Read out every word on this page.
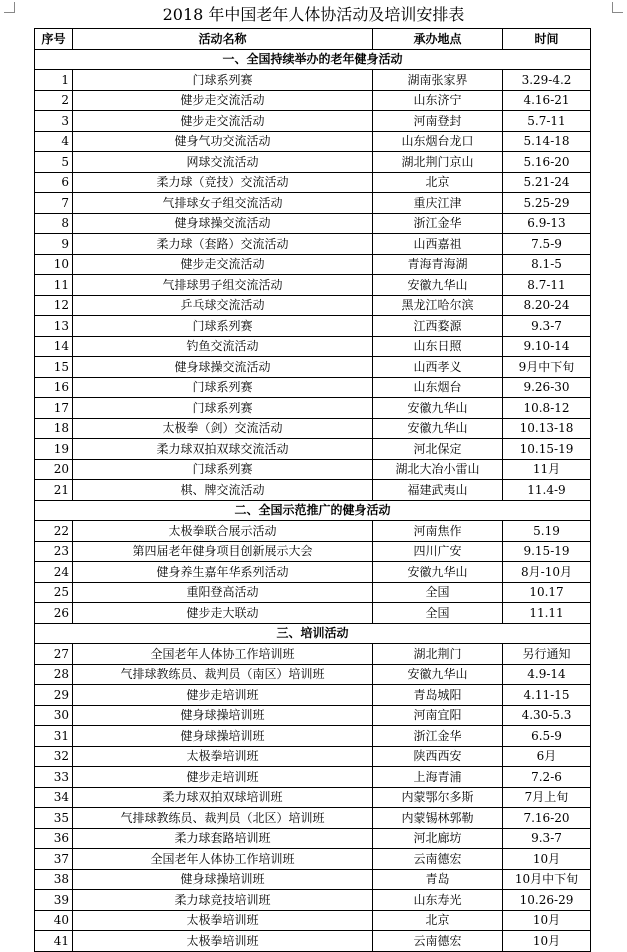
2018 年中国老年人体协活动及培训安排表
序号	活动名称	承办地点	时间
一、全国持续举办的老年健身活动			
1	门球系列赛	湖南张家界	3.29-4.2
2	健步走交流活动	山东济宁	4.16-21
3	健步走交流活动	河南登封	5.7-11
4	健身气功交流活动	山东烟台龙口	5.14-18
5	网球交流活动	湖北荆门京山	5.16-20
6	柔力球（竞技）交流活动	北京	5.21-24
7	气排球女子组交流活动	重庆江津	5.25-29
8	健身球操交流活动	浙江金华	6.9-13
9	柔力球（套路）交流活动	山西嘉祖	7.5-9
10	健步走交流活动	青海青海湖	8.1-5
11	气排球男子组交流活动	安徽九华山	8.7-11
12	乒乓球交流活动	黑龙江哈尔滨	8.20-24
13	门球系列赛	江西婺源	9.3-7
14	钓鱼交流活动	山东日照	9.10-14
15	健身球操交流活动	山西孝义	9月中下旬
16	门球系列赛	山东烟台	9.26-30
17	门球系列赛	安徽九华山	10.8-12
18	太极拳（剑）交流活动	安徽九华山	10.13-18
19	柔力球双拍双球交流活动	河北保定	10.15-19
20	门球系列赛	湖北大冶小雷山	11月
21	棋、牌交流活动	福建武夷山	11.4-9
二、全国示范推广的健身活动			
22	太极拳联合展示活动	河南焦作	5.19
23	第四届老年健身项目创新展示大会	四川广安	9.15-19
24	健身养生嘉年华系列活动	安徽九华山	8月-10月
25	重阳登高活动	全国	10.17
26	健步走大联动	全国	11.11
三、培训活动			
27	全国老年人体协工作培训班	湖北荆门	另行通知
28	气排球教练员、裁判员（南区）培训班	安徽九华山	4.9-14
29	健步走培训班	青岛城阳	4.11-15
30	健身球操培训班	河南宜阳	4.30-5.3
31	健身球操培训班	浙江金华	6.5-9
32	太极拳培训班	陕西西安	6月
33	健步走培训班	上海青浦	7.2-6
34	柔力球双拍双球培训班	内蒙鄂尔多斯	7月上旬
35	气排球教练员、裁判员（北区）培训班	内蒙锡林郭勒	7.16-20
36	柔力球套路培训班	河北廊坊	9.3-7
37	全国老年人体协工作培训班	云南德宏	10月
38	健身球操培训班	青岛	10月中下旬
39	柔力球竞技培训班	山东寿光	10.26-29
40	太极拳培训班	北京	10月
41	太极拳培训班	云南德宏	10月
